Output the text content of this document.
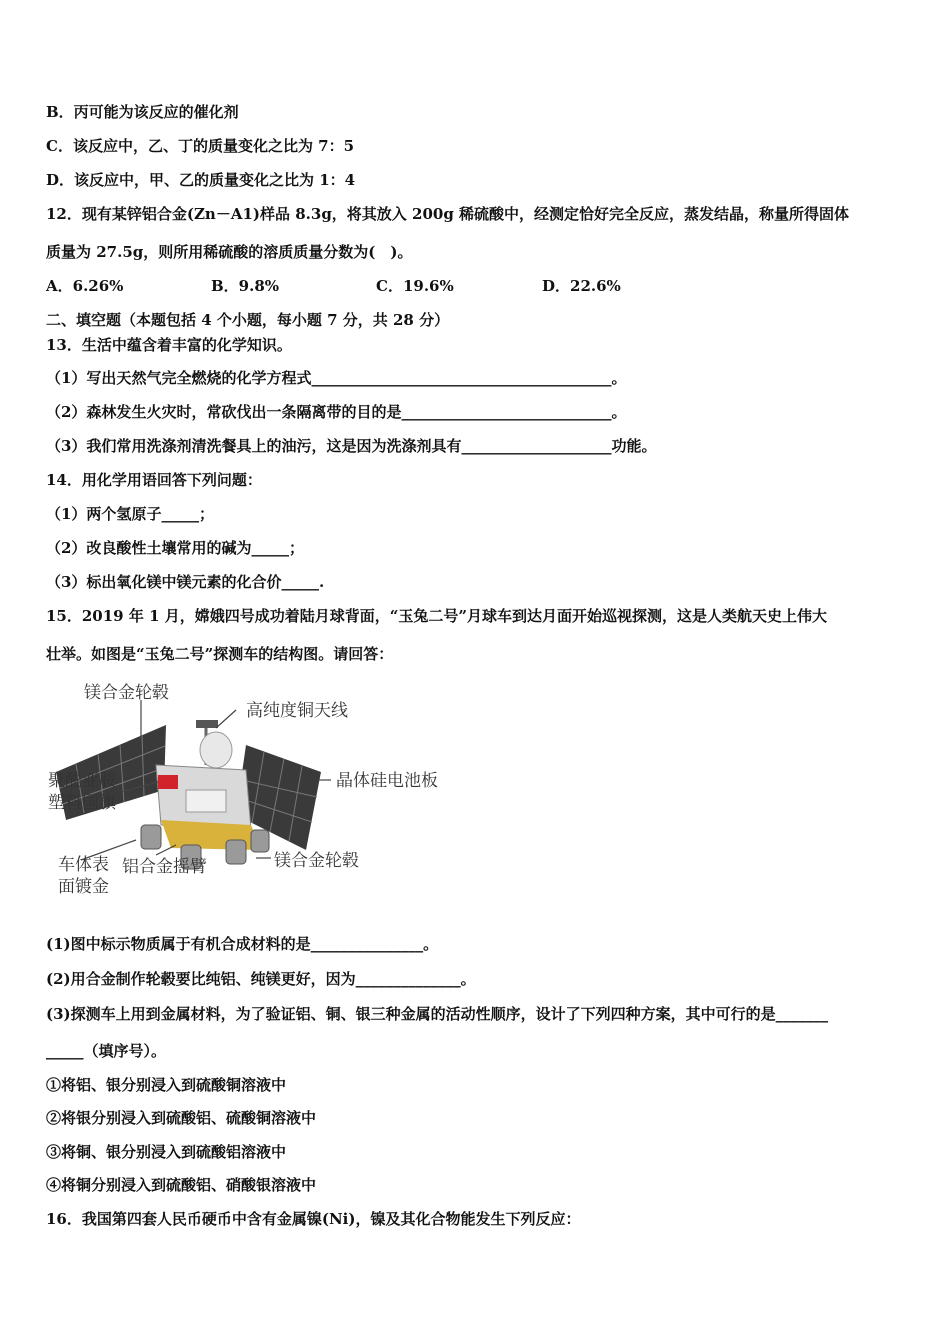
B．丙可能为该反应的催化剂
C．该反应中，乙、丁的质量变化之比为 7：5
D．该反应中，甲、乙的质量变化之比为 1：4
12．现有某锌铝合金(Zn－A1)样品 8.3g，将其放入 200g 稀硫酸中，经测定恰好完全反应，蒸发结晶，称量所得固体
质量为 27.5g，则所用稀硫酸的溶质质量分数为(　)。
A．6.26%	B．9.8%	C．19.6%	D．22.6%
二、填空题（本题包括 4 个小题，每小题 7 分，共 28 分）
13．生活中蕴含着丰富的化学知识。
（1）写出天然气完全燃烧的化学方程式________________________________________。
（2）森林发生火灾时，常砍伐出一条隔离带的目的是____________________________。
（3）我们常用洗涤剂清洗餐具上的油污，这是因为洗涤剂具有____________________功能。
14．用化学用语回答下列问题：
（1）两个氢原子_____；
（2）改良酸性土壤常用的碱为_____；
（3）标出氧化镁中镁元素的化合价_____.
15．2019 年 1 月，嫦娥四号成功着陆月球背面，“玉兔二号”月球车到达月面开始巡视探测，这是人类航天史上伟大
壮举。如图是“玉兔二号”探测车的结构图。请回答：
镁合金轮毂
高纯度铜天线
聚酰亚胺
塑料国旗
晶体硅电池板
车体表
面镀金
铝合金摇臂	镁合金轮毂
(1)图中标示物质属于有机合成材料的是_______________。
(2)用合金制作轮毂要比纯铝、纯镁更好，因为______________。
(3)探测车上用到金属材料，为了验证铝、铜、银三种金属的活动性顺序，设计了下列四种方案，其中可行的是_______
_____（填序号）。
①将铝、银分别浸入到硫酸铜溶液中
②将银分别浸入到硫酸铝、硫酸铜溶液中
③将铜、银分别浸入到硫酸铝溶液中
④将铜分别浸入到硫酸铝、硝酸银溶液中
16．我国第四套人民币硬币中含有金属镍(Ni)，镍及其化合物能发生下列反应：
